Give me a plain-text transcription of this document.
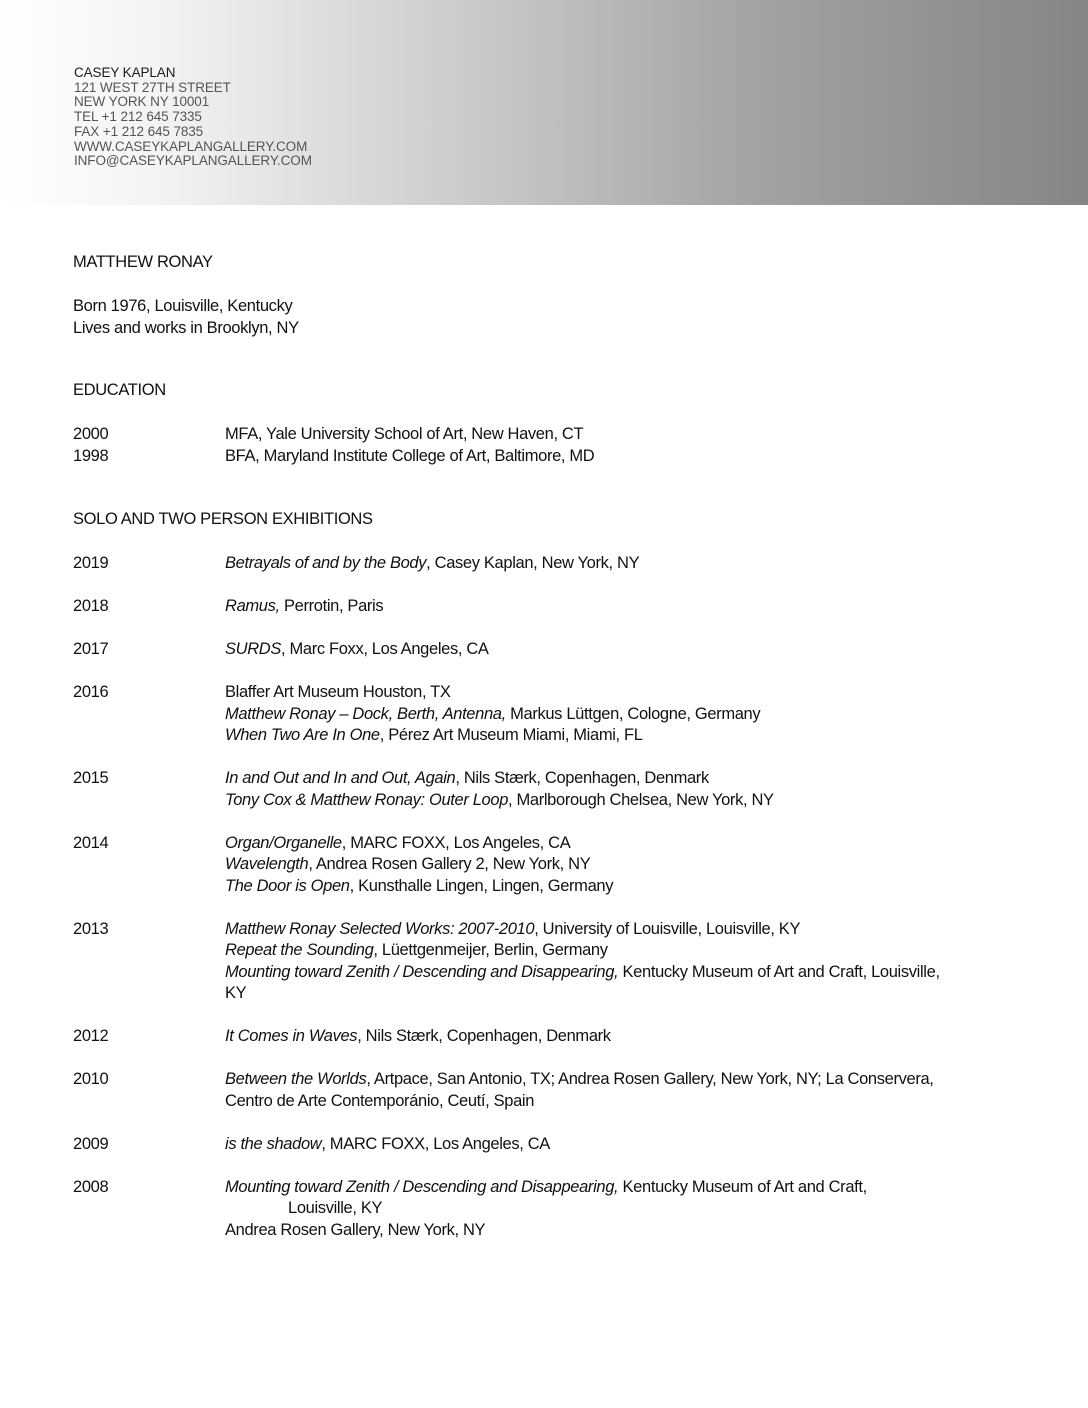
CASEY KAPLAN
121 WEST 27TH STREET
NEW YORK NY 10001
TEL +1 212 645 7335
FAX +1 212 645 7835
WWW.CASEYKAPLANGALLERY.COM
INFO@CASEYKAPLANGALLERY.COM
MATTHEW RONAY
Born 1976, Louisville, Kentucky
Lives and works in Brooklyn, NY
EDUCATION
2000	MFA, Yale University School of Art, New Haven, CT
1998	BFA, Maryland Institute College of Art, Baltimore, MD
SOLO AND TWO PERSON EXHIBITIONS
2019	Betrayals of and by the Body, Casey Kaplan, New York, NY
2018	Ramus, Perrotin, Paris
2017	SURDS, Marc Foxx, Los Angeles, CA
2016	Blaffer Art Museum Houston, TX
Matthew Ronay – Dock, Berth, Antenna, Markus Lüttgen, Cologne, Germany
When Two Are In One, Pérez Art Museum Miami, Miami, FL
2015	In and Out and In and Out, Again, Nils Stærk, Copenhagen, Denmark
Tony Cox & Matthew Ronay: Outer Loop, Marlborough Chelsea, New York, NY
2014	Organ/Organelle, MARC FOXX, Los Angeles, CA
Wavelength, Andrea Rosen Gallery 2, New York, NY
The Door is Open, Kunsthalle Lingen, Lingen, Germany
2013	Matthew Ronay Selected Works: 2007-2010, University of Louisville, Louisville, KY
Repeat the Sounding, Lüettgenmeijer, Berlin, Germany
Mounting toward Zenith / Descending and Disappearing, Kentucky Museum of Art and Craft, Louisville, KY
2012	It Comes in Waves, Nils Stærk, Copenhagen, Denmark
2010	Between the Worlds, Artpace, San Antonio, TX; Andrea Rosen Gallery, New York, NY; La Conservera, Centro de Arte Contemporánio, Ceutí, Spain
2009	is the shadow, MARC FOXX, Los Angeles, CA
2008	Mounting toward Zenith / Descending and Disappearing, Kentucky Museum of Art and Craft,
Louisville, KY
Andrea Rosen Gallery, New York, NY
